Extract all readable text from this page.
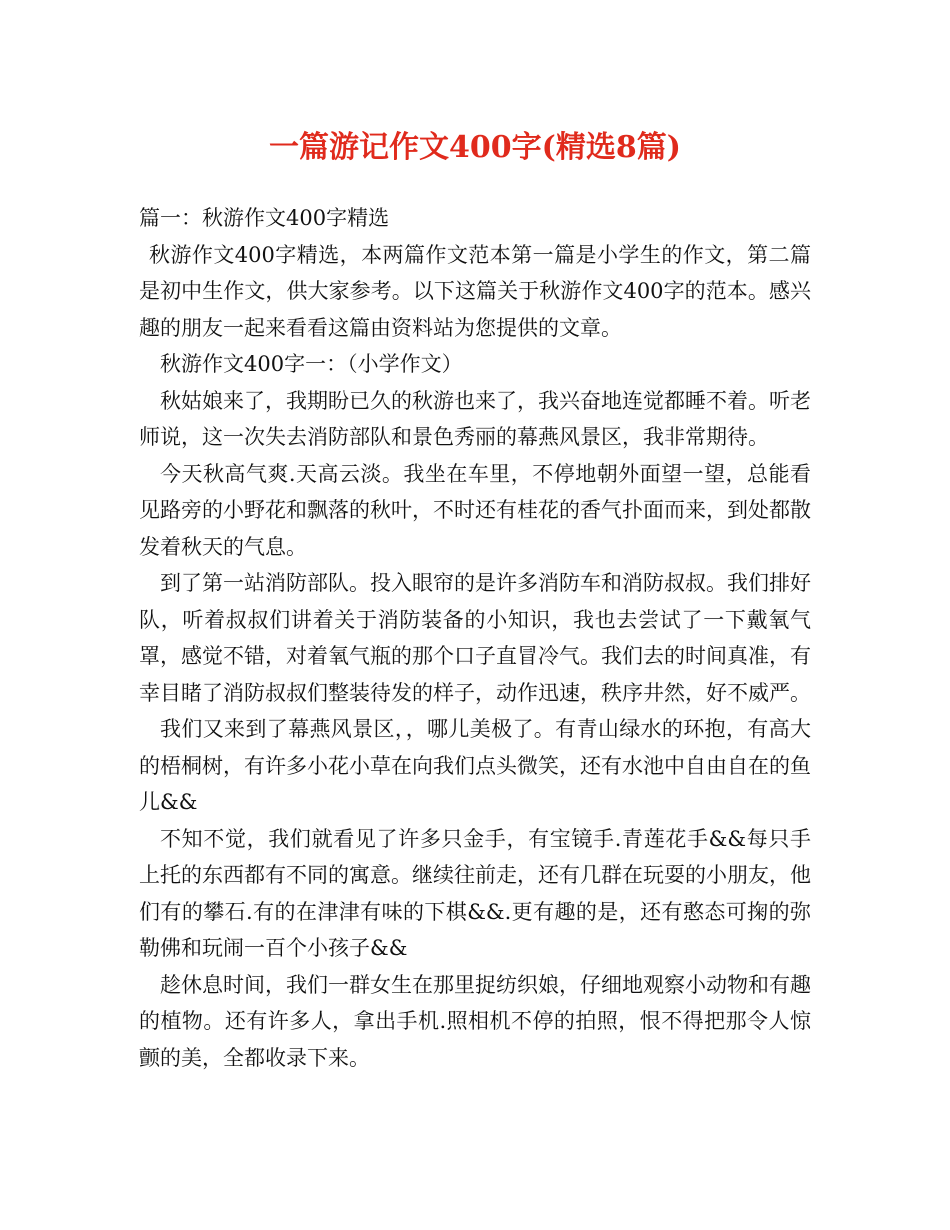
一篇游记作文400字(精选8篇)

篇一：秋游作文400字精选

秋游作文400字精选，本两篇作文范本第一篇是小学生的作文，第二篇是初中生作文，供大家参考。以下这篇关于秋游作文400字的范本。感兴趣的朋友一起来看看这篇由资料站为您提供的文章。

秋游作文400字一：（小学作文）

秋姑娘来了，我期盼已久的秋游也来了，我兴奋地连觉都睡不着。听老师说，这一次失去消防部队和景色秀丽的幕燕风景区，我非常期待。

今天秋高气爽.天高云淡。我坐在车里，不停地朝外面望一望，总能看见路旁的小野花和飘落的秋叶，不时还有桂花的香气扑面而来，到处都散发着秋天的气息。

到了第一站消防部队。投入眼帘的是许多消防车和消防叔叔。我们排好队，听着叔叔们讲着关于消防装备的小知识，我也去尝试了一下戴氧气罩，感觉不错，对着氧气瓶的那个口子直冒冷气。我们去的时间真准，有幸目睹了消防叔叔们整装待发的样子，动作迅速，秩序井然，好不威严。

我们又来到了幕燕风景区，，哪儿美极了。有青山绿水的环抱，有高大的梧桐树，有许多小花小草在向我们点头微笑，还有水池中自由自在的鱼儿&&

不知不觉，我们就看见了许多只金手，有宝镜手.青莲花手&&每只手上托的东西都有不同的寓意。继续往前走，还有几群在玩耍的小朋友，他们有的攀石.有的在津津有味的下棋&&.更有趣的是，还有憨态可掬的弥勒佛和玩闹一百个小孩子&&

趁休息时间，我们一群女生在那里捉纺织娘，仔细地观察小动物和有趣的植物。还有许多人，拿出手机.照相机不停的拍照，恨不得把那令人惊颤的美，全都收录下来。
